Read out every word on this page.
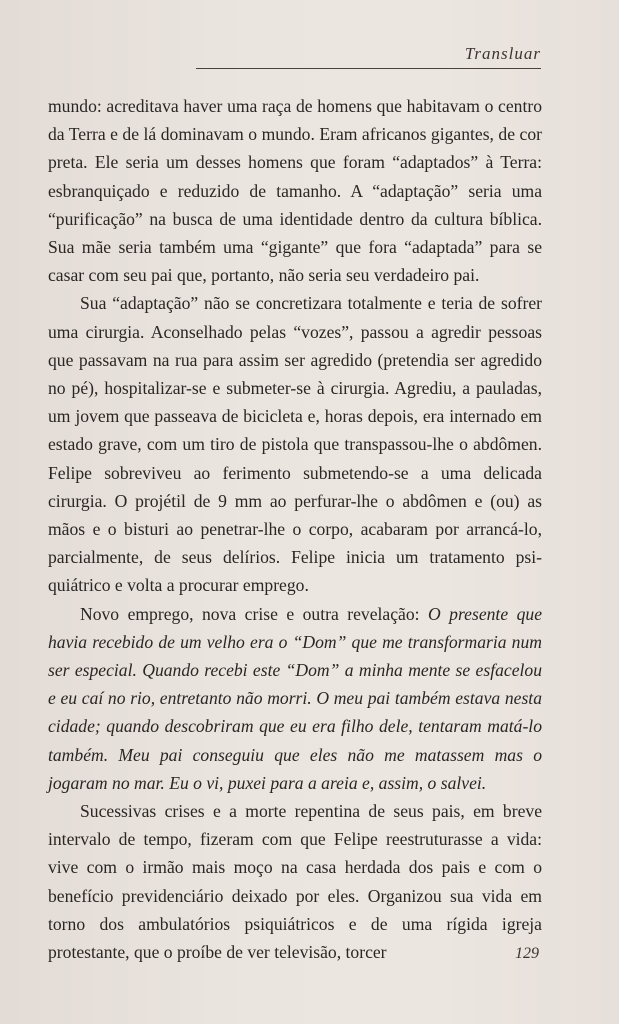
Transluar

mundo: acreditava haver uma raça de homens que habitavam o centro da Terra e de lá dominavam o mundo. Eram africanos gigantes, de cor preta. Ele seria um desses homens que foram “adaptados” à Terra: esbranquiçado e reduzido de tamanho. A “adaptação” seria uma “purificação” na busca de uma identidade dentro da cultura bíblica. Sua mãe seria também uma “gigante” que fora “adaptada” para se casar com seu pai que, portanto, não seria seu verdadeiro pai.

Sua “adaptação” não se concretizara totalmente e teria de sofrer uma cirurgia. Aconselhado pelas “vozes”, passou a agredir pessoas que passavam na rua para assim ser agredido (pretendia ser agredido no pé), hospitalizar-se e submeter-se à cirurgia. Agrediu, a pauladas, um jovem que passeava de bicicleta e, horas depois, era internado em estado grave, com um tiro de pistola que transpassou-lhe o abdômen. Felipe sobreviveu ao ferimento submetendo-se a uma delicada cirurgia. O projétil de 9 mm ao perfurar-lhe o abdômen e (ou) as mãos e o bisturi ao penetrar-lhe o corpo, acabaram por arrancá-lo, parcialmente, de seus delírios. Felipe inicia um tratamento psiquiátrico e volta a procurar emprego.

Novo emprego, nova crise e outra revelação: O presente que havia recebido de um velho era o “Dom” que me transformaria num ser especial. Quando recebi este “Dom” a minha mente se esfacelou e eu caí no rio, entretanto não morri. O meu pai também estava nesta cidade; quando descobriram que eu era filho dele, tentaram matá-lo também. Meu pai conseguiu que eles não me matassem mas o jogaram no mar. Eu o vi, puxei para a areia e, assim, o salvei.

Sucessivas crises e a morte repentina de seus pais, em breve intervalo de tempo, fizeram com que Felipe reestruturasse a vida: vive com o irmão mais moço na casa herdada dos pais e com o benefício previdenciário deixado por eles. Organizou sua vida em torno dos ambulatórios psiquiátricos e de uma rígida igreja protestante, que o proíbe de ver televisão, torcer	129
